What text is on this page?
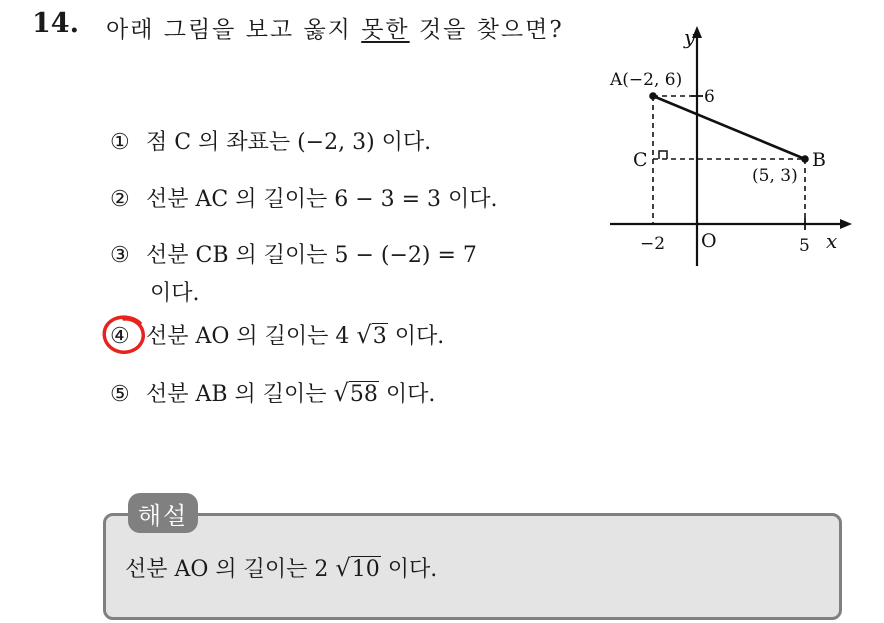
14. 아래 그림을 보고 옳지 못한 것을 찾으면?
① 점 C 의 좌표는 (−2, 3) 이다.
② 선분 AC 의 길이는 6 − 3 = 3 이다.
③ 선분 CB 의 길이는 5 − (−2) = 7
이다.
④ 선분 AO 의 길이는 4 √3 이다.
⑤ 선분 AB 의 길이는 √58 이다.
y
x
O
A(−2, 6)
6
C	B
(5, 3)
−2	5
해설
선분 AO 의 길이는 2 √10 이다.
